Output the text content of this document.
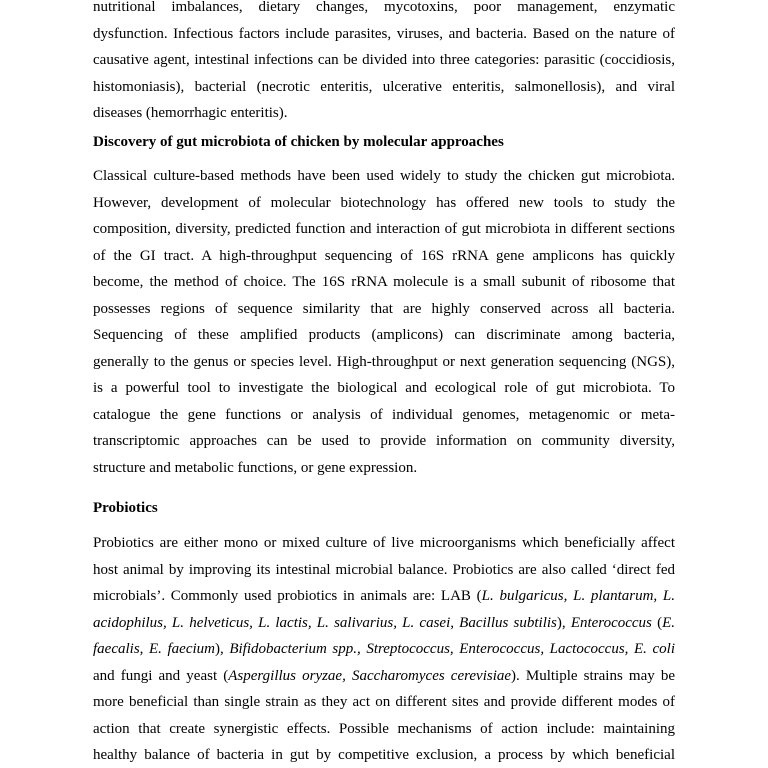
nutritional imbalances, dietary changes, mycotoxins, poor management, enzymatic
dysfunction. Infectious factors include parasites, viruses, and bacteria. Based on the nature of
causative agent, intestinal infections can be divided into three categories: parasitic (coccidiosis,
histomoniasis), bacterial (necrotic enteritis, ulcerative enteritis, salmonellosis), and viral
diseases (hemorrhagic enteritis).
Discovery of gut microbiota of chicken by molecular approaches
Classical culture-based methods have been used widely to study the chicken gut microbiota.
However, development of molecular biotechnology has offered new tools to study the
composition, diversity, predicted function and interaction of gut microbiota in different sections
of the GI tract. A high-throughput sequencing of 16S rRNA gene amplicons has quickly
become, the method of choice. The 16S rRNA molecule is a small subunit of ribosome that
possesses regions of sequence similarity that are highly conserved across all bacteria.
Sequencing of these amplified products (amplicons) can discriminate among bacteria,
generally to the genus or species level. High-throughput or next generation sequencing (NGS),
is a powerful tool to investigate the biological and ecological role of gut microbiota. To
catalogue the gene functions or analysis of individual genomes, metagenomic or meta-
transcriptomic approaches can be used to provide information on community diversity,
structure and metabolic functions, or gene expression.
Probiotics
Probiotics are either mono or mixed culture of live microorganisms which beneficially affect
host animal by improving its intestinal microbial balance. Probiotics are also called ‘direct fed
microbials’. Commonly used probiotics in animals are: LAB (L. bulgaricus, L. plantarum, L.
acidophilus, L. helveticus, L. lactis, L. salivarius, L. casei, Bacillus subtilis), Enterococcus (E.
faecalis, E. faecium), Bifidobacterium spp., Streptococcus, Enterococcus, Lactococcus, E. coli
and fungi and yeast (Aspergillus oryzae, Saccharomyces cerevisiae). Multiple strains may be
more beneficial than single strain as they act on different sites and provide different modes of
action that create synergistic effects. Possible mechanisms of action include: maintaining
healthy balance of bacteria in gut by competitive exclusion, a process by which beneficial
